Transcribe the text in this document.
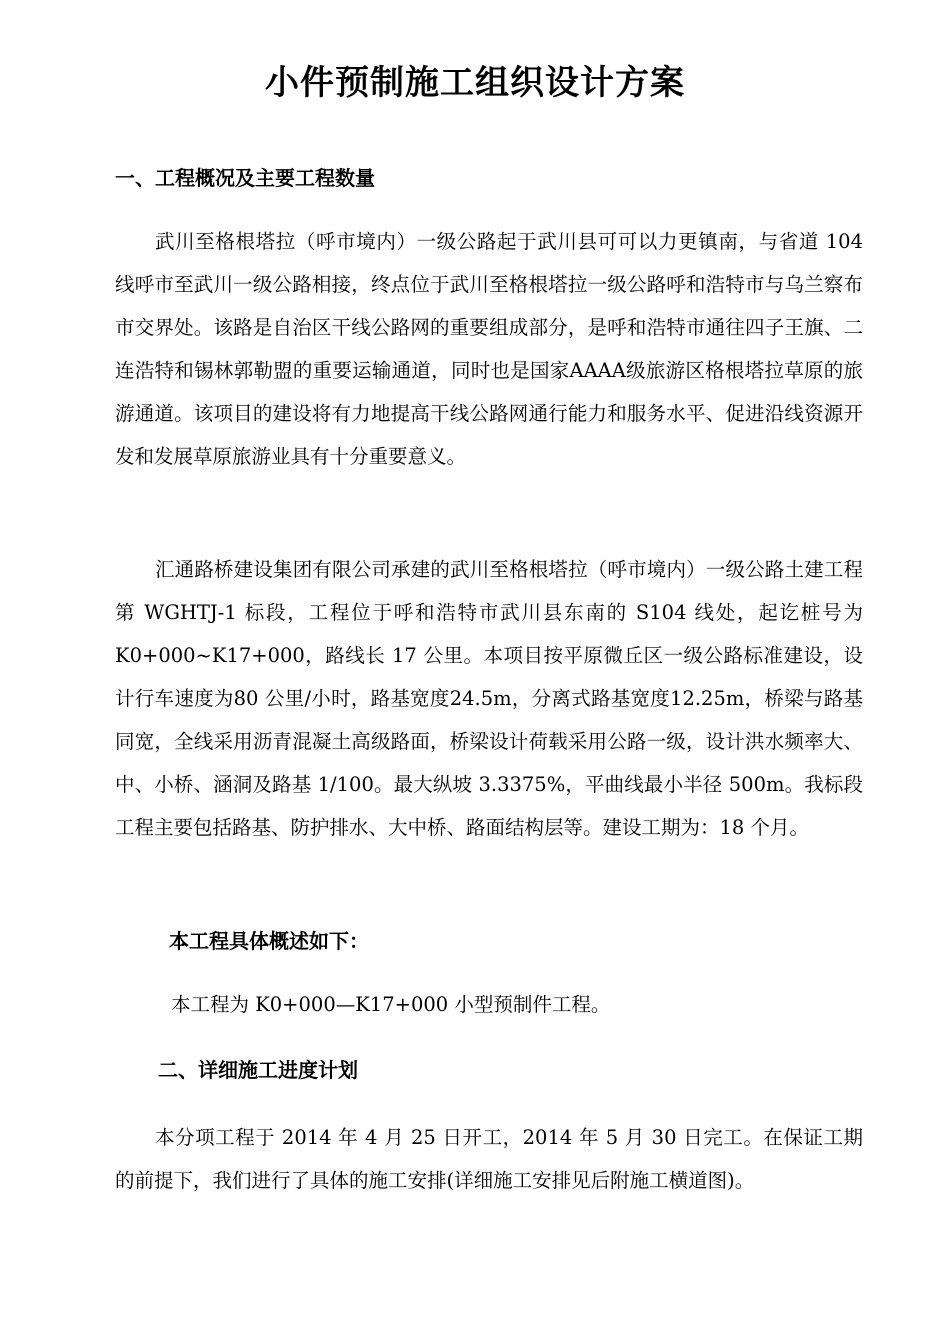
小件预制施工组织设计方案
一、工程概况及主要工程数量

武川至格根塔拉（呼市境内）一级公路起于武川县可可以力更镇南，与省道 104 线呼市至武川一级公路相接，终点位于武川至格根塔拉一级公路呼和浩特市与乌兰察布市交界处。该路是自治区干线公路网的重要组成部分，是呼和浩特市通往四子王旗、二连浩特和锡林郭勒盟的重要运输通道，同时也是国家AAAA级旅游区格根塔拉草原的旅游通道。该项目的建设将有力地提高干线公路网通行能力和服务水平、促进沿线资源开发和发展草原旅游业具有十分重要意义。

汇通路桥建设集团有限公司承建的武川至格根塔拉（呼市境内）一级公路土建工程第 WGHTJ-1 标段，工程位于呼和浩特市武川县东南的 S104 线处，起讫桩号为 K0+000~K17+000，路线长 17 公里。本项目按平原微丘区一级公路标准建设，设计行车速度为80 公里/小时，路基宽度24.5m，分离式路基宽度12.25m，桥梁与路基同宽，全线采用沥青混凝土高级路面，桥梁设计荷载采用公路一级，设计洪水频率大、中、小桥、涵洞及路基 1/100。最大纵坡 3.3375%，平曲线最小半径 500m。我标段工程主要包括路基、防护排水、大中桥、路面结构层等。建设工期为：18 个月。

本工程具体概述如下：
本工程为 K0+000—K17+000 小型预制件工程。
二、详细施工进度计划

本分项工程于 2014 年 4 月 25 日开工，2014 年 5 月 30 日完工。在保证工期的前提下，我们进行了具体的施工安排(详细施工安排见后附施工横道图)。
